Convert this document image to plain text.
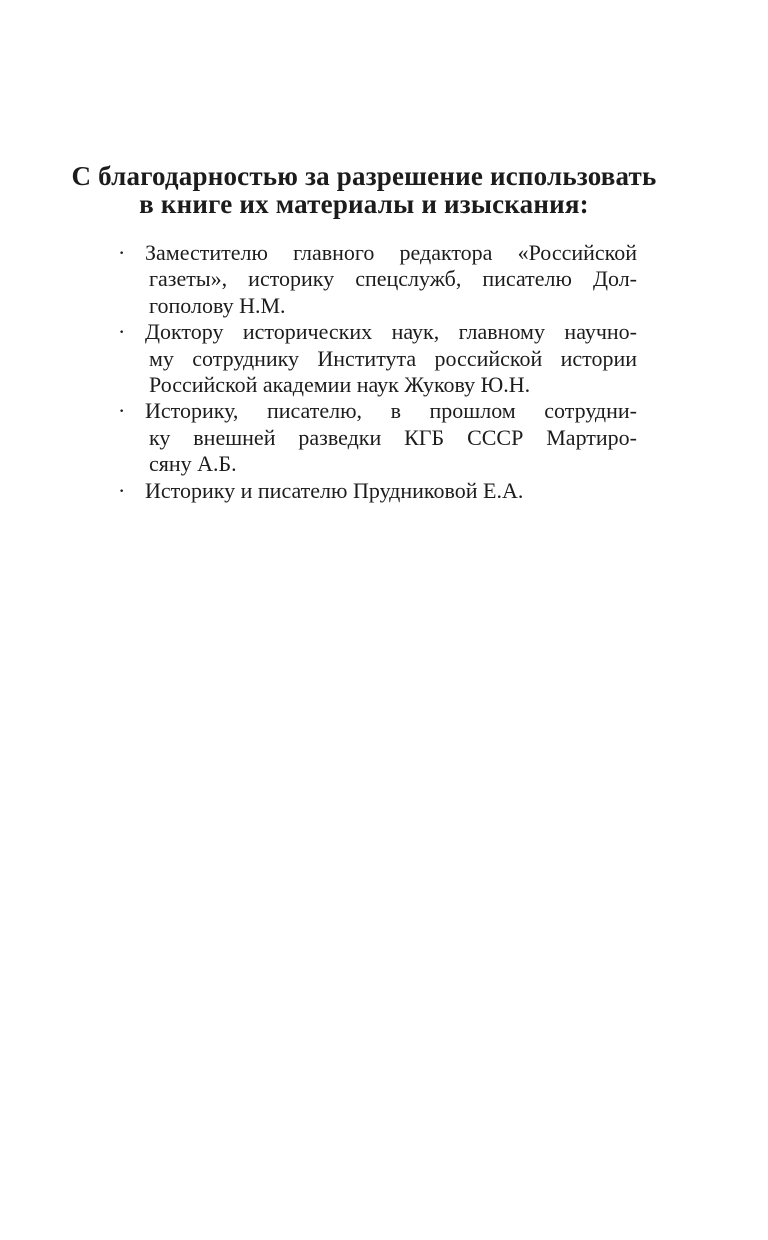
С благодарностью за разрешение использовать
в книге их материалы и изыскания:
· Заместителю главного редактора «Российской
газеты», историку спецслужб, писателю Дол-
гополову Н.М.
· Доктору исторических наук, главному научно-
му сотруднику Института российской истории
Российской академии наук Жукову Ю.Н.
· Историку, писателю, в прошлом сотрудни-
ку внешней разведки КГБ СССР Мартиро-
сяну А.Б.
· Историку и писателю Прудниковой Е.А.
